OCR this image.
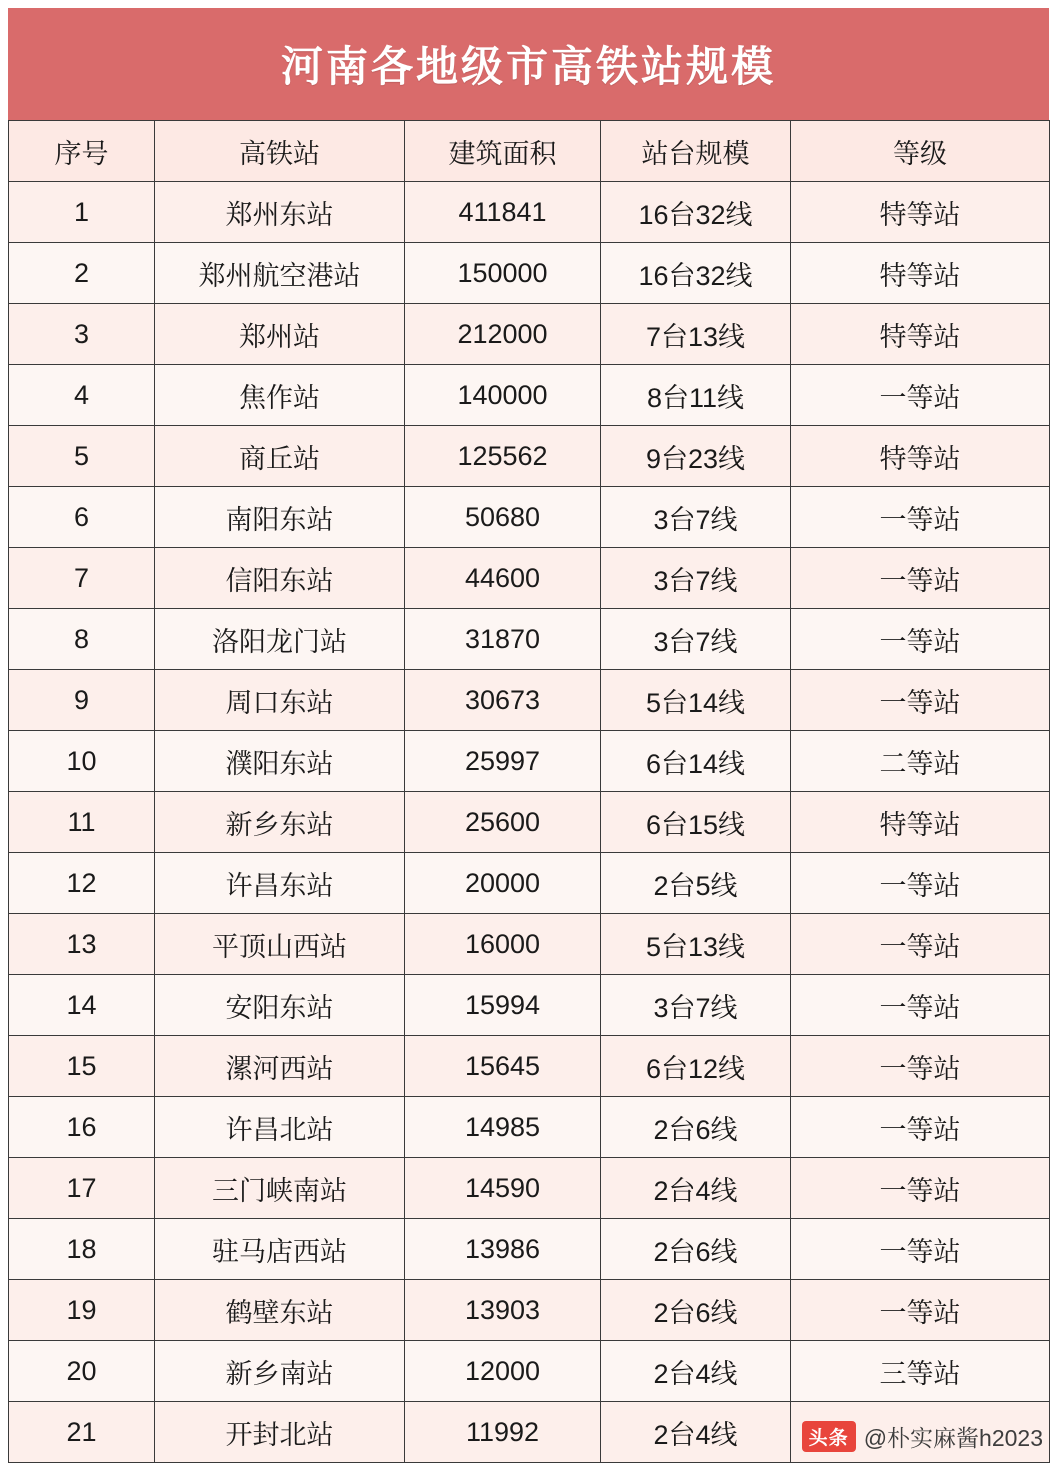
河南各地级市高铁站规模
序号	高铁站	建筑面积	站台规模	等级
1	郑州东站	411841	16台32线	特等站
2	郑州航空港站	150000	16台32线	特等站
3	郑州站	212000	7台13线	特等站
4	焦作站	140000	8台11线	一等站
5	商丘站	125562	9台23线	特等站
6	南阳东站	50680	3台7线	一等站
7	信阳东站	44600	3台7线	一等站
8	洛阳龙门站	31870	3台7线	一等站
9	周口东站	30673	5台14线	一等站
10	濮阳东站	25997	6台14线	二等站
11	新乡东站	25600	6台15线	特等站
12	许昌东站	20000	2台5线	一等站
13	平顶山西站	16000	5台13线	一等站
14	安阳东站	15994	3台7线	一等站
15	漯河西站	15645	6台12线	一等站
16	许昌北站	14985	2台6线	一等站
17	三门峡南站	14590	2台4线	一等站
18	驻马店西站	13986	2台6线	一等站
19	鹤壁东站	13903	2台6线	一等站
20	新乡南站	12000	2台4线	三等站
21	开封北站	11992	2台4线		头条 @朴实麻酱h2023
